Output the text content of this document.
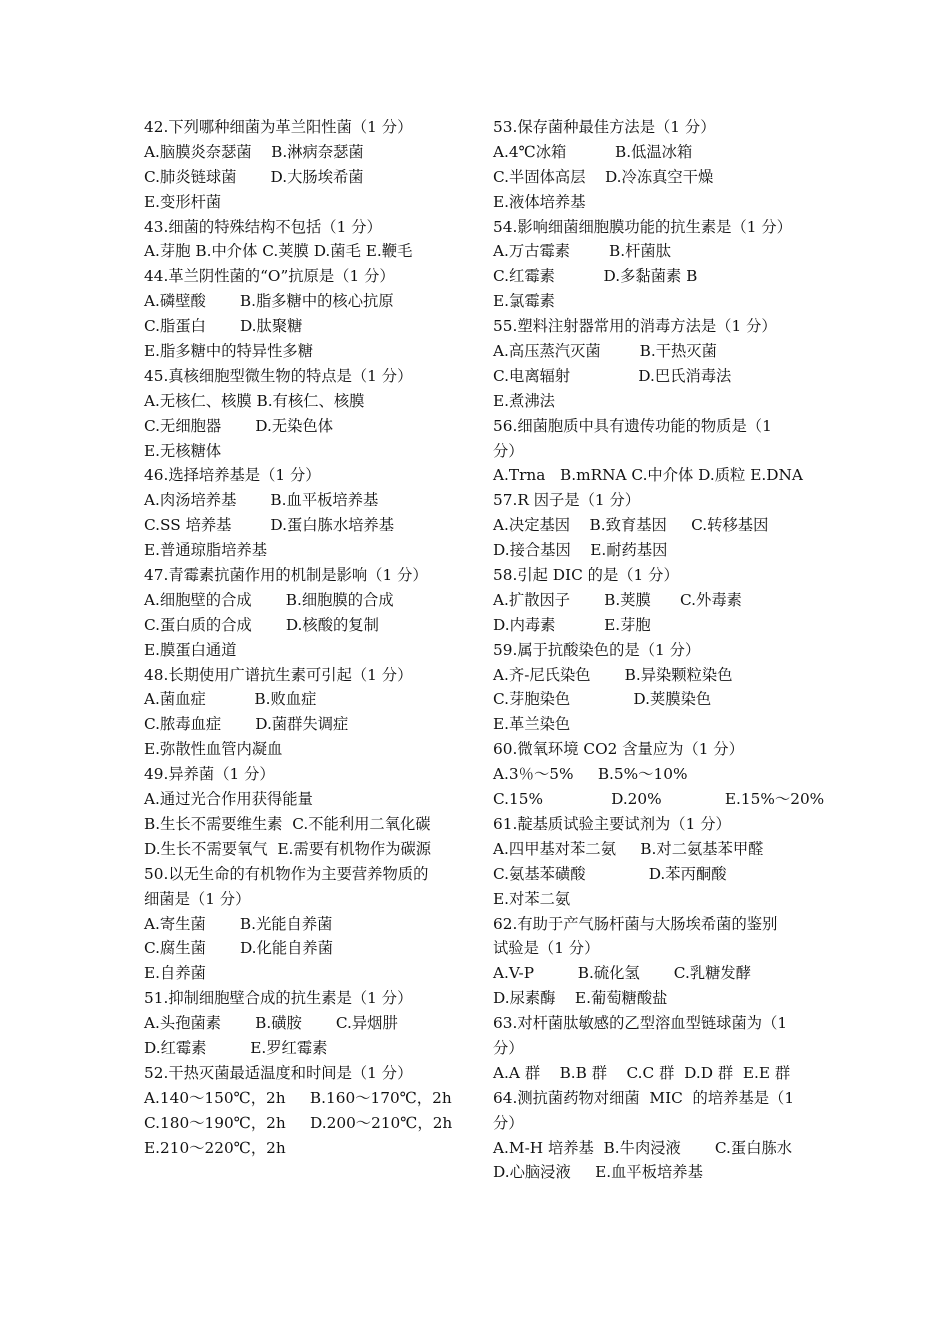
42.下列哪种细菌为革兰阳性菌（1 分）
A.脑膜炎奈瑟菌    B.淋病奈瑟菌
C.肺炎链球菌       D.大肠埃希菌
E.变形杆菌
43.细菌的特殊结构不包括（1 分）
A.芽胞 B.中介体 C.荚膜 D.菌毛 E.鞭毛
44.革兰阴性菌的“O”抗原是（1 分）
A.磷壁酸       B.脂多糖中的核心抗原
C.脂蛋白       D.肽聚糖
E.脂多糖中的特异性多糖
45.真核细胞型微生物的特点是（1 分）
A.无核仁、核膜 B.有核仁、核膜
C.无细胞器       D.无染色体
E.无核糖体
46.选择培养基是（1 分）
A.肉汤培养基       B.血平板培养基
C.SS 培养基        D.蛋白胨水培养基
E.普通琼脂培养基
47.青霉素抗菌作用的机制是影响（1 分）
A.细胞壁的合成       B.细胞膜的合成
C.蛋白质的合成       D.核酸的复制
E.膜蛋白通道
48.长期使用广谱抗生素可引起（1 分）
A.菌血症          B.败血症
C.脓毒血症       D.菌群失调症
E.弥散性血管内凝血
49.异养菌（1 分）
A.通过光合作用获得能量
B.生长不需要维生素  C.不能利用二氧化碳
D.生长不需要氧气  E.需要有机物作为碳源
50.以无生命的有机物作为主要营养物质的
细菌是（1 分）
A.寄生菌       B.光能自养菌
C.腐生菌       D.化能自养菌
E.自养菌
51.抑制细胞壁合成的抗生素是（1 分）
A.头孢菌素       B.磺胺       C.异烟肼
D.红霉素         E.罗红霉素
52.干热灭菌最适温度和时间是（1 分）
A.140～150℃，2h     B.160～170℃，2h
C.180～190℃，2h     D.200～210℃，2h
E.210～220℃，2h
53.保存菌种最佳方法是（1 分）
A.4℃冰箱          B.低温冰箱
C.半固体高层    D.冷冻真空干燥
E.液体培养基
54.影响细菌细胞膜功能的抗生素是（1 分）
A.万古霉素        B.杆菌肽
C.红霉素          D.多黏菌素 B
E.氯霉素
55.塑料注射器常用的消毒方法是（1 分）
A.高压蒸汽灭菌        B.干热灭菌
C.电离辐射              D.巴氏消毒法
E.煮沸法
56.细菌胞质中具有遗传功能的物质是（1
分）
A.Trna   B.mRNA C.中介体 D.质粒 E.DNA
57.R 因子是（1 分）
A.决定基因    B.致育基因     C.转移基因
D.接合基因    E.耐药基因
58.引起 DIC 的是（1 分）
A.扩散因子       B.荚膜      C.外毒素
D.内毒素          E.芽胞
59.属于抗酸染色的是（1 分）
A.齐-尼氏染色       B.异染颗粒染色
C.芽胞染色             D.荚膜染色
E.革兰染色
60.微氧环境 CO2 含量应为（1 分）
A.3％～5%     B.5%～10%
C.15%              D.20%             E.15%～20%
61.靛基质试验主要试剂为（1 分）
A.四甲基对苯二氨     B.对二氨基苯甲醛
C.氨基苯磺酸             D.苯丙酮酸
E.对苯二氨
62.有助于产气肠杆菌与大肠埃希菌的鉴别
试验是（1 分）
A.V-P         B.硫化氢       C.乳糖发酵
D.尿素酶    E.葡萄糖酸盐
63.对杆菌肽敏感的乙型溶血型链球菌为（1
分）
A.A 群    B.B 群    C.C 群  D.D 群  E.E 群
64.测抗菌药物对细菌  MIC  的培养基是（1
分）
A.M-H 培养基  B.牛肉浸液       C.蛋白胨水
D.心脑浸液     E.血平板培养基
